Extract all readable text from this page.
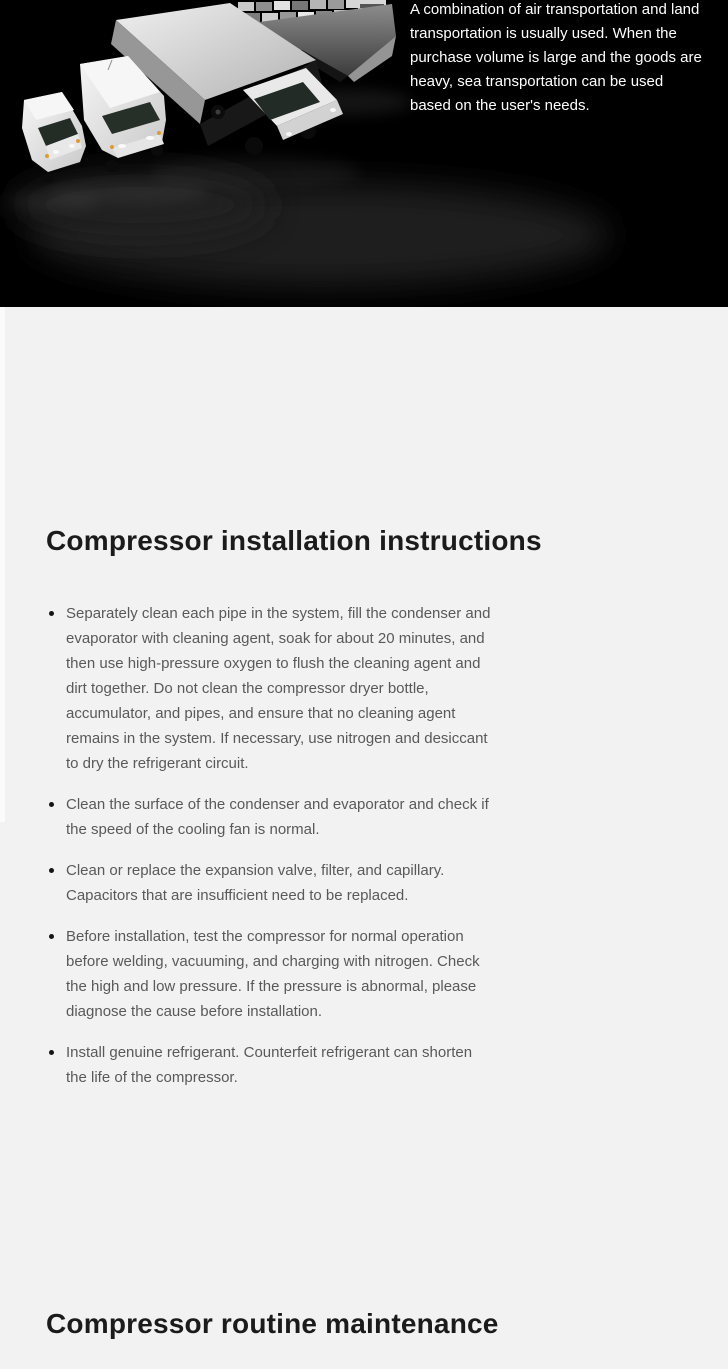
A combination of air transportation and land transportation is usually used. When the purchase volume is large and the goods are heavy, sea transportation can be used based on the user's needs.
Compressor installation instructions
Separately clean each pipe in the system, fill the condenser and evaporator with cleaning agent, soak for about 20 minutes, and then use high-pressure oxygen to flush the cleaning agent and dirt together. Do not clean the compressor dryer bottle, accumulator, and pipes, and ensure that no cleaning agent remains in the system. If necessary, use nitrogen and desiccant to dry the refrigerant circuit.
Clean the surface of the condenser and evaporator and check if the speed of the cooling fan is normal.
Clean or replace the expansion valve, filter, and capillary. Capacitors that are insufficient need to be replaced.
Before installation, test the compressor for normal operation before welding, vacuuming, and charging with nitrogen. Check the high and low pressure. If the pressure is abnormal, please diagnose the cause before installation.
Install genuine refrigerant. Counterfeit refrigerant can shorten the life of the compressor.
Compressor routine maintenance
